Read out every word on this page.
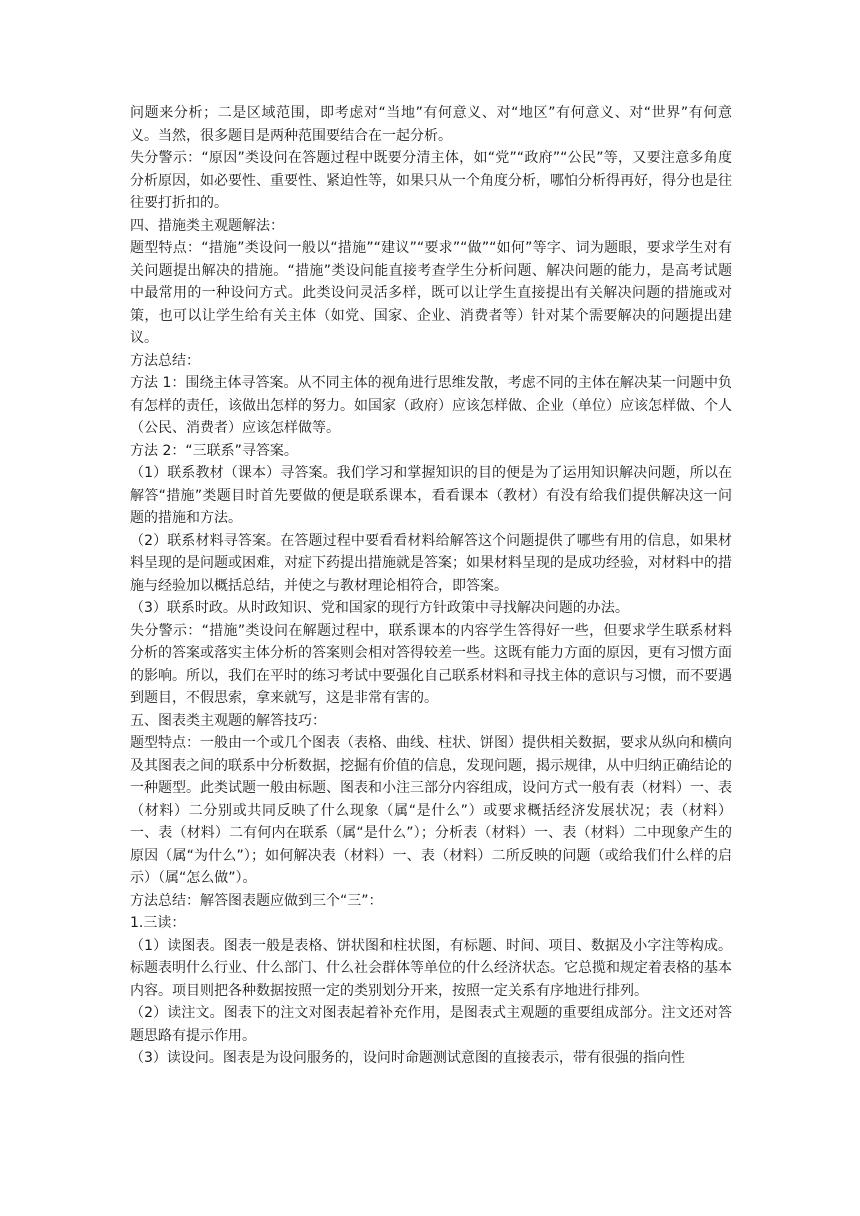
问题来分析；二是区域范围，即考虑对“当地”有何意义、对“地区”有何意义、对“世界”有何意义。当然，很多题目是两种范围要结合在一起分析。

失分警示：“原因”类设问在答题过程中既要分清主体，如“党”“政府”“公民”等，又要注意多角度分析原因，如必要性、重要性、紧迫性等，如果只从一个角度分析，哪怕分析得再好，得分也是往往要打折扣的。

四、措施类主观题解法：

题型特点：“措施”类设问一般以“措施”“建议”“要求”“做”“如何”等字、词为题眼，要求学生对有关问题提出解决的措施。“措施”类设问能直接考查学生分析问题、解决问题的能力，是高考试题中最常用的一种设问方式。此类设问灵活多样，既可以让学生直接提出有关解决问题的措施或对策，也可以让学生给有关主体（如党、国家、企业、消费者等）针对某个需要解决的问题提出建议。

方法总结：

方法 1：围绕主体寻答案。从不同主体的视角进行思维发散，考虑不同的主体在解决某一问题中负有怎样的责任，该做出怎样的努力。如国家（政府）应该怎样做、企业（单位）应该怎样做、个人（公民、消费者）应该怎样做等。

方法 2：“三联系”寻答案。

（1）联系教材（课本）寻答案。我们学习和掌握知识的目的便是为了运用知识解决问题，所以在解答“措施”类题目时首先要做的便是联系课本，看看课本（教材）有没有给我们提供解决这一问题的措施和方法。

（2）联系材料寻答案。在答题过程中要看看材料给解答这个问题提供了哪些有用的信息，如果材料呈现的是问题或困难，对症下药提出措施就是答案；如果材料呈现的是成功经验，对材料中的措施与经验加以概括总结，并使之与教材理论相符合，即答案。

（3）联系时政。从时政知识、党和国家的现行方针政策中寻找解决问题的办法。

失分警示：“措施”类设问在解题过程中，联系课本的内容学生答得好一些，但要求学生联系材料分析的答案或落实主体分析的答案则会相对答得较差一些。这既有能力方面的原因，更有习惯方面的影响。所以，我们在平时的练习考试中要强化自己联系材料和寻找主体的意识与习惯，而不要遇到题目，不假思索，拿来就写，这是非常有害的。

五、图表类主观题的解答技巧：

题型特点：一般由一个或几个图表（表格、曲线、柱状、饼图）提供相关数据，要求从纵向和横向及其图表之间的联系中分析数据，挖掘有价值的信息，发现问题，揭示规律，从中归纳正确结论的一种题型。此类试题一般由标题、图表和小注三部分内容组成，设问方式一般有表（材料）一、表（材料）二分别或共同反映了什么现象（属“是什么”）或要求概括经济发展状况；表（材料）一、表（材料）二有何内在联系（属“是什么”）；分析表（材料）一、表（材料）二中现象产生的原因（属“为什么”）；如何解决表（材料）一、表（材料）二所反映的问题（或给我们什么样的启示）（属“怎么做”）。

方法总结：解答图表题应做到三个“三”：

1.三读：

（1）读图表。图表一般是表格、饼状图和柱状图，有标题、时间、项目、数据及小字注等构成。标题表明什么行业、什么部门、什么社会群体等单位的什么经济状态。它总揽和规定着表格的基本内容。项目则把各种数据按照一定的类别划分开来，按照一定关系有序地进行排列。

（2）读注文。图表下的注文对图表起着补充作用，是图表式主观题的重要组成部分。注文还对答题思路有提示作用。

（3）读设问。图表是为设问服务的，设问时命题测试意图的直接表示，带有很强的指向性
